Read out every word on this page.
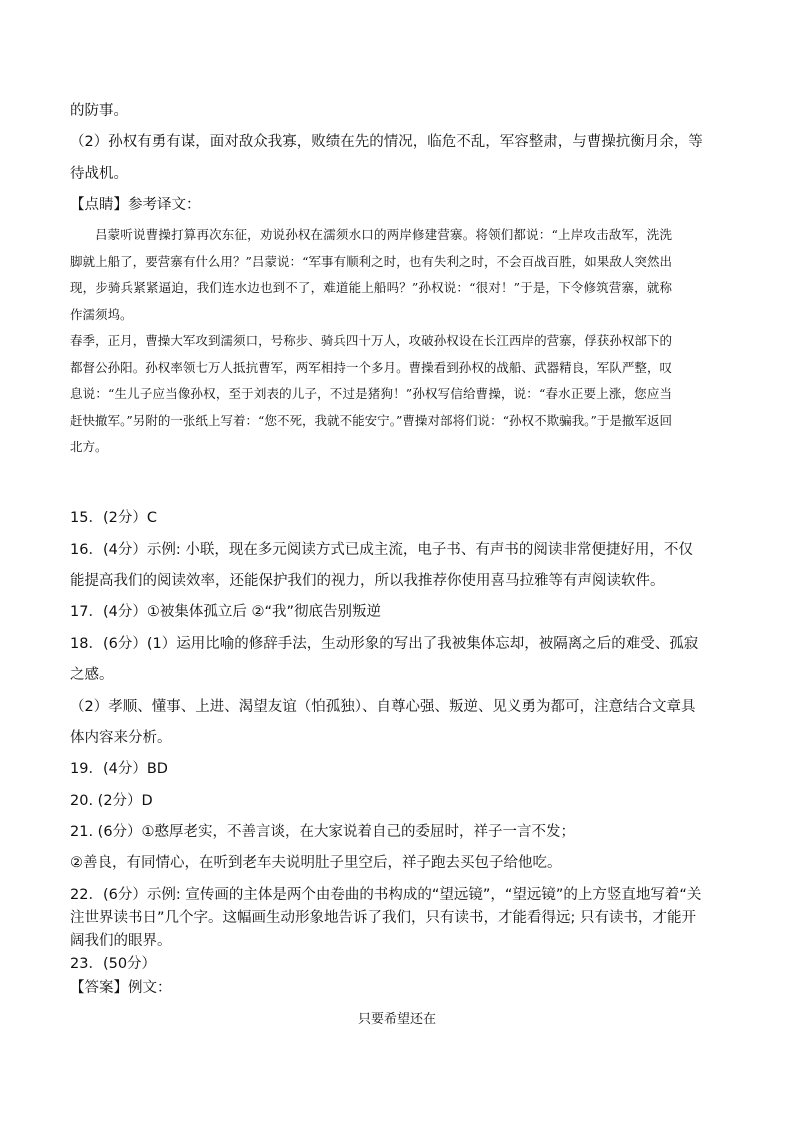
的防事。
（2）孙权有勇有谋，面对敌众我寡，败绩在先的情况，临危不乱，军容整肃，与曹操抗衡月余，等
待战机。
【点睛】参考译文：

吕蒙听说曹操打算再次东征，劝说孙权在濡须水口的两岸修建营寨。将领们都说：“上岸攻击敌军，洗洗脚就上船了，要营寨有什么用？”吕蒙说：“军事有顺利之时，也有失利之时，不会百战百胜，如果敌人突然出现，步骑兵紧紧逼迫，我们连水边也到不了，难道能上船吗？”孙权说：“很对！”于是，下令修筑营寨，就称作濡须坞。

春季，正月，曹操大军攻到濡须口，号称步、骑兵四十万人，攻破孙权设在长江西岸的营寨，俘获孙权部下的都督公孙阳。孙权率领七万人抵抗曹军，两军相持一个多月。曹操看到孙权的战船、武器精良，军队严整，叹息说：“生儿子应当像孙权，至于刘表的儿子，不过是猪狗！”孙权写信给曹操，说：“春水正要上涨，您应当赶快撤军。”另附的一张纸上写着：“您不死，我就不能安宁。”曹操对部将们说：“孙权不欺骗我。”于是撤军返回北方。

15．(2分）C
16．(4分）示例: 小联，现在多元阅读方式已成主流，电子书、有声书的阅读非常便捷好用，不仅
能提高我们的阅读效率，还能保护我们的视力，所以我推荐你使用喜马拉雅等有声阅读软件。
17．(4分）①被集体孤立后 ②“我”彻底告别叛逆
18．(6分）(1）运用比喻的修辞手法，生动形象的写出了我被集体忘却，被隔离之后的难受、孤寂
之感。
（2）孝顺、懂事、上进、渴望友谊（怕孤独）、自尊心强、叛逆、见义勇为都可，注意结合文章具
体内容来分析。
19．(4分）BD
20. (2分）D
21. (6分）①憨厚老实，不善言谈，在大家说着自己的委屈时，祥子一言不发；
②善良，有同情心，在听到老车夫说明肚子里空后，祥子跑去买包子给他吃。
22．(6分）示例: 宣传画的主体是两个由卷曲的书构成的“望远镜”，“望远镜”的上方竖直地写着“关
注世界读书日”几个字。这幅画生动形象地告诉了我们，只有读书，才能看得远; 只有读书，才能开
阔我们的眼界。
23．(50分）
【答案】例文：
只要希望还在
